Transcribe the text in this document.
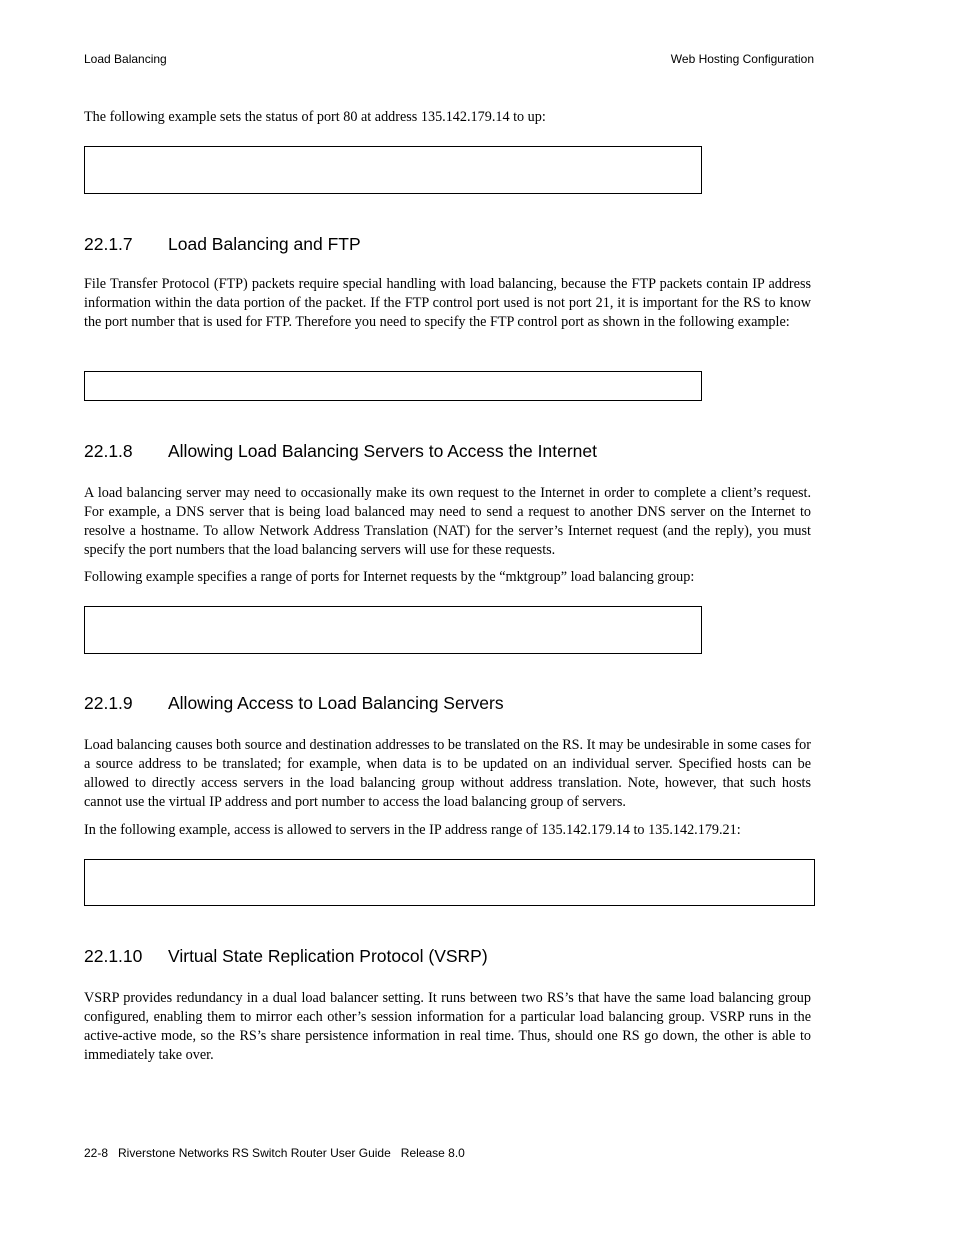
Load Balancing	Web Hosting Configuration

The following example sets the status of port 80 at address 135.142.179.14 to up:

22.1.7 Load Balancing and FTP

File Transfer Protocol (FTP) packets require special handling with load balancing, because the FTP packets contain IP address information within the data portion of the packet. If the FTP control port used is not port 21, it is important for the RS to know the port number that is used for FTP. Therefore you need to specify the FTP control port as shown in the following example:

22.1.8 Allowing Load Balancing Servers to Access the Internet

A load balancing server may need to occasionally make its own request to the Internet in order to complete a client’s request. For example, a DNS server that is being load balanced may need to send a request to another DNS server on the Internet to resolve a hostname. To allow Network Address Translation (NAT) for the server’s Internet request (and the reply), you must specify the port numbers that the load balancing servers will use for these requests.

Following example specifies a range of ports for Internet requests by the “mktgroup” load balancing group:

22.1.9 Allowing Access to Load Balancing Servers

Load balancing causes both source and destination addresses to be translated on the RS. It may be undesirable in some cases for a source address to be translated; for example, when data is to be updated on an individual server. Specified hosts can be allowed to directly access servers in the load balancing group without address translation. Note, however, that such hosts cannot use the virtual IP address and port number to access the load balancing group of servers.

In the following example, access is allowed to servers in the IP address range of 135.142.179.14 to 135.142.179.21:

22.1.10 Virtual State Replication Protocol (VSRP)

VSRP provides redundancy in a dual load balancer setting. It runs between two RS’s that have the same load balancing group configured, enabling them to mirror each other’s session information for a particular load balancing group. VSRP runs in the active-active mode, so the RS’s share persistence information in real time. Thus, should one RS go down, the other is able to immediately take over.

22-8   Riverstone Networks RS Switch Router User Guide   Release 8.0
